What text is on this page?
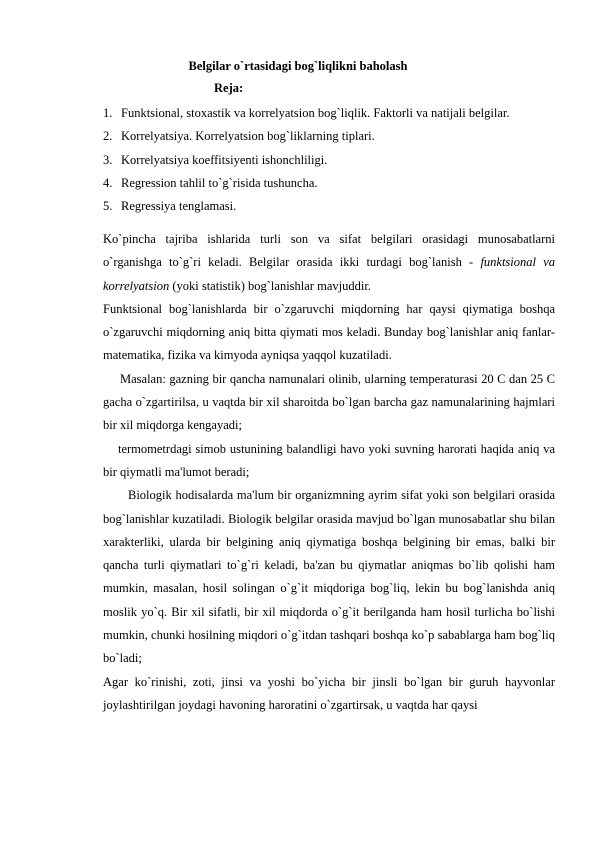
Belgilar o`rtasidagi bog`liqlikni baholash
Reja:
1. Funktsional, stoxastik va korrelyatsion bog`liqlik. Faktorli va natijali belgilar.
2. Korrelyatsiya. Korrelyatsion bog`liklarning tiplari.
3. Korrelyatsiya koeffitsiyenti ishonchliligi.
4. Regression tahlil to`g`risida tushuncha.
5. Regressiya tenglamasi.

Ko`pincha tajriba ishlarida turli son va sifat belgilari orasidagi munosabatlarni o`rganishga to`g`ri keladi. Belgilar orasida ikki turdagi bog`lanish - funktsional va korrelyatsion (yoki statistik) bog`lanishlar mavjuddir.

Funktsional bog`lanishlarda bir o`zgaruvchi miqdorning har qaysi qiymatiga boshqa o`zgaruvchi miqdorning aniq bitta qiymati mos keladi. Bunday bog`lanishlar aniq fanlar-matematika, fizika va kimyoda ayniqsa yaqqol kuzatiladi.

Masalan: gazning bir qancha namunalari olinib, ularning temperaturasi 20 C dan 25 C gacha o`zgartirilsa, u vaqtda bir xil sharoitda bo`lgan barcha gaz namunalarining hajmlari bir xil miqdorga kengayadi;

termometrdagi simob ustunining balandligi havo yoki suvning harorati haqida aniq va bir qiymatli ma'lumot beradi;

Biologik hodisalarda ma'lum bir organizmning ayrim sifat yoki son belgilari orasida bog`lanishlar kuzatiladi. Biologik belgilar orasida mavjud bo`lgan munosabatlar shu bilan xarakterliki, ularda bir belgining aniq qiymatiga boshqa belgining bir emas, balki bir qancha turli qiymatlari to`g`ri keladi, ba'zan bu qiymatlar aniqmas bo`lib qolishi ham mumkin, masalan, hosil solingan o`g`it miqdoriga bog`liq, lekin bu bog`lanishda aniq moslik yo`q. Bir xil sifatli, bir xil miqdorda o`g`it berilganda ham hosil turlicha bo`lishi mumkin, chunki hosilning miqdori o`g`itdan tashqari boshqa ko`p sabablarga ham bog`liq bo`ladi;

Agar ko`rinishi, zoti, jinsi va yoshi bo`yicha bir jinsli bo`lgan bir guruh hayvonlar joylashtirilgan joydagi havoning haroratini o`zgartirsak, u vaqtda har qaysi
